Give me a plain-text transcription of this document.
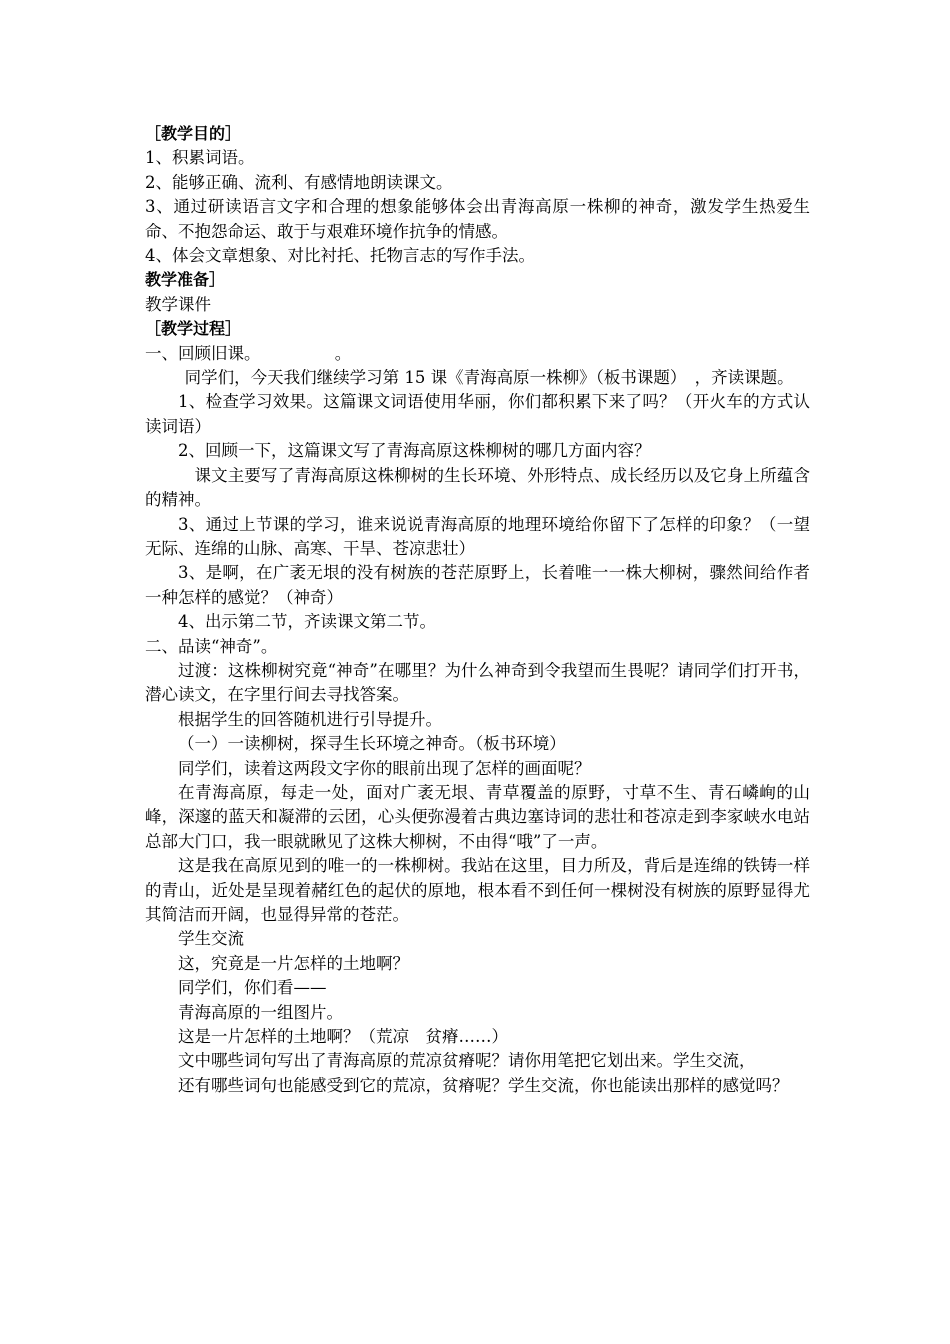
［教学目的］

1、积累词语。

2、能够正确、流利、有感情地朗读课文。

3、通过研读语言文字和合理的想象能够体会出青海高原一株柳的神奇，激发学生热爱生命、不抱怨命运、敢于与艰难环境作抗争的情感。

4、体会文章想象、对比衬托、托物言志的写作手法。

教学准备］

教学课件

［教学过程］

一、回顾旧课。　　　　　。

同学们，今天我们继续学习第 15 课《青海高原一株柳》（板书课题）　，齐读课题。

1、检查学习效果。这篇课文词语使用华丽，你们都积累下来了吗？（开火车的方式认读词语）

2、回顾一下，这篇课文写了青海高原这株柳树的哪几方面内容？

课文主要写了青海高原这株柳树的生长环境、外形特点、成长经历以及它身上所蕴含的精神。

3、通过上节课的学习，谁来说说青海高原的地理环境给你留下了怎样的印象？（一望无际、连绵的山脉、高寒、干旱、苍凉悲壮）

3、是啊，在广袤无垠的没有树族的苍茫原野上，长着唯一一株大柳树，骤然间给作者一种怎样的感觉？（神奇）

4、出示第二节，齐读课文第二节。

二、品读“神奇”。

过渡：这株柳树究竟“神奇”在哪里？为什么神奇到令我望而生畏呢？请同学们打开书，潜心读文，在字里行间去寻找答案。

根据学生的回答随机进行引导提升。

（一）一读柳树，探寻生长环境之神奇。（板书环境）

同学们，读着这两段文字你的眼前出现了怎样的画面呢？

在青海高原，每走一处，面对广袤无垠、青草覆盖的原野，寸草不生、青石嶙峋的山峰，深邃的蓝天和凝滞的云团，心头便弥漫着古典边塞诗词的悲壮和苍凉走到李家峡水电站总部大门口，我一眼就瞅见了这株大柳树，不由得“哦”了一声。

这是我在高原见到的唯一的一株柳树。我站在这里，目力所及，背后是连绵的铁铸一样的青山，近处是呈现着赭红色的起伏的原地，根本看不到任何一棵树没有树族的原野显得尤其简洁而开阔，也显得异常的苍茫。

学生交流

这，究竟是一片怎样的土地啊？

同学们，你们看——

青海高原的一组图片。

这是一片怎样的土地啊？（荒凉　贫瘠……）

文中哪些词句写出了青海高原的荒凉贫瘠呢？请你用笔把它划出来。学生交流，

还有哪些词句也能感受到它的荒凉，贫瘠呢？学生交流，你也能读出那样的感觉吗？
